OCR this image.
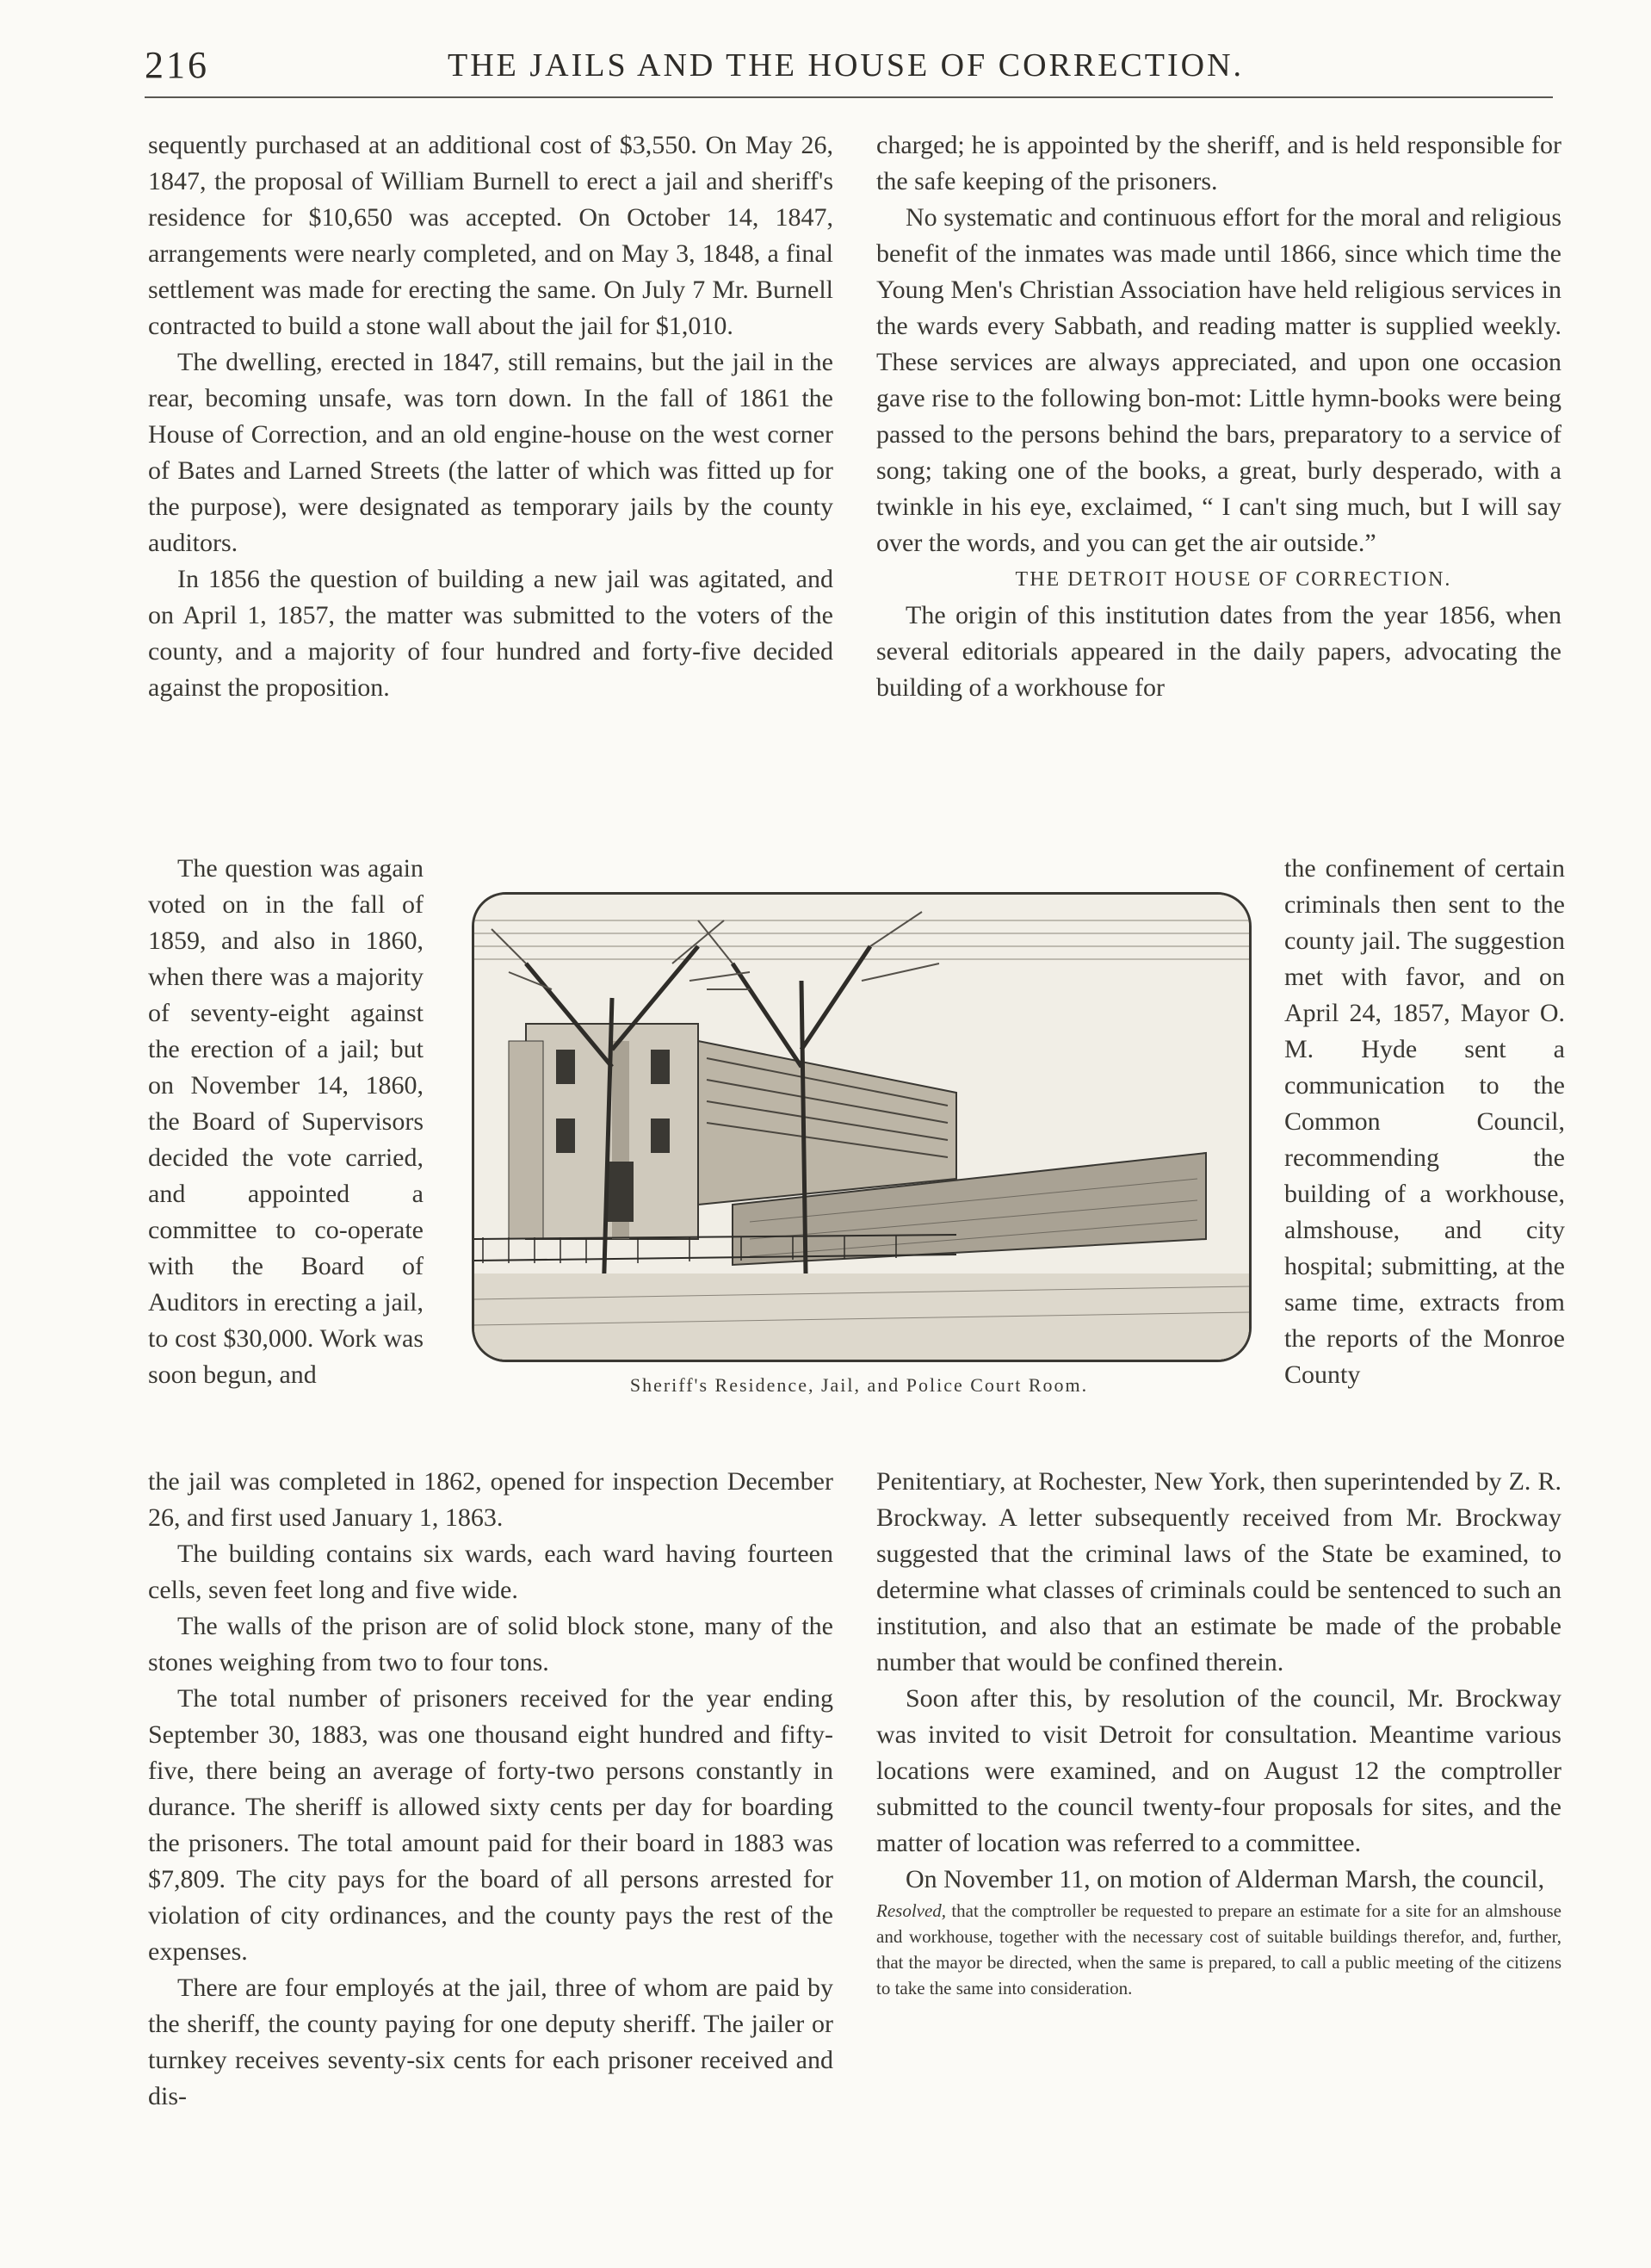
216	THE JAILS AND THE HOUSE OF CORRECTION.

sequently purchased at an additional cost of $3,550. On May 26, 1847, the proposal of William Burnell to erect a jail and sheriff's residence for $10,650 was accepted. On October 14, 1847, arrangements were nearly completed, and on May 3, 1848, a final settlement was made for erecting the same. On July 7 Mr. Burnell contracted to build a stone wall about the jail for $1,010.

The dwelling, erected in 1847, still remains, but the jail in the rear, becoming unsafe, was torn down. In the fall of 1861 the House of Correction, and an old engine-house on the west corner of Bates and Larned Streets (the latter of which was fitted up for the purpose), were designated as temporary jails by the county auditors.

In 1856 the question of building a new jail was agitated, and on April 1, 1857, the matter was submitted to the voters of the county, and a majority of four hundred and forty-five decided against the proposition.

charged; he is appointed by the sheriff, and is held responsible for the safe keeping of the prisoners.

No systematic and continuous effort for the moral and religious benefit of the inmates was made until 1866, since which time the Young Men's Christian Association have held religious services in the wards every Sabbath, and reading matter is supplied weekly. These services are always appreciated, and upon one occasion gave rise to the following bon-mot: Little hymn-books were being passed to the persons behind the bars, preparatory to a service of song; taking one of the books, a great, burly desperado, with a twinkle in his eye, exclaimed, “ I can't sing much, but I will say over the words, and you can get the air outside.”

THE DETROIT HOUSE OF CORRECTION.

The origin of this institution dates from the year 1856, when several editorials appeared in the daily papers, advocating the building of a workhouse for

The question was again voted on in the fall of 1859, and also in 1860, when there was a majority of seventy-eight against the erection of a jail; but on November 14, 1860, the Board of Supervisors decided the vote carried, and appointed a committee to co-operate with the Board of Auditors in erecting a jail, to cost $30,000. Work was soon begun, and

the confinement of certain criminals then sent to the county jail. The suggestion met with favor, and on April 24, 1857, Mayor O. M. Hyde sent a communication to the Common Council, recommending the building of a workhouse, almshouse, and city hospital; submitting, at the same time, extracts from the reports of the Monroe County

Sheriff's Residence, Jail, and Police Court Room.

the jail was completed in 1862, opened for inspection December 26, and first used January 1, 1863.

The building contains six wards, each ward having fourteen cells, seven feet long and five wide.

The walls of the prison are of solid block stone, many of the stones weighing from two to four tons.

The total number of prisoners received for the year ending September 30, 1883, was one thousand eight hundred and fifty-five, there being an average of forty-two persons constantly in durance. The sheriff is allowed sixty cents per day for boarding the prisoners. The total amount paid for their board in 1883 was $7,809. The city pays for the board of all persons arrested for violation of city ordinances, and the county pays the rest of the expenses.

There are four employés at the jail, three of whom are paid by the sheriff, the county paying for one deputy sheriff. The jailer or turnkey receives seventy-six cents for each prisoner received and dis-

Penitentiary, at Rochester, New York, then superintended by Z. R. Brockway. A letter subsequently received from Mr. Brockway suggested that the criminal laws of the State be examined, to determine what classes of criminals could be sentenced to such an institution, and also that an estimate be made of the probable number that would be confined therein.

Soon after this, by resolution of the council, Mr. Brockway was invited to visit Detroit for consultation. Meantime various locations were examined, and on August 12 the comptroller submitted to the council twenty-four proposals for sites, and the matter of location was referred to a committee.

On November 11, on motion of Alderman Marsh, the council,

Resolved, that the comptroller be requested to prepare an estimate for a site for an almshouse and workhouse, together with the necessary cost of suitable buildings therefor, and, further, that the mayor be directed, when the same is prepared, to call a public meeting of the citizens to take the same into consideration.
